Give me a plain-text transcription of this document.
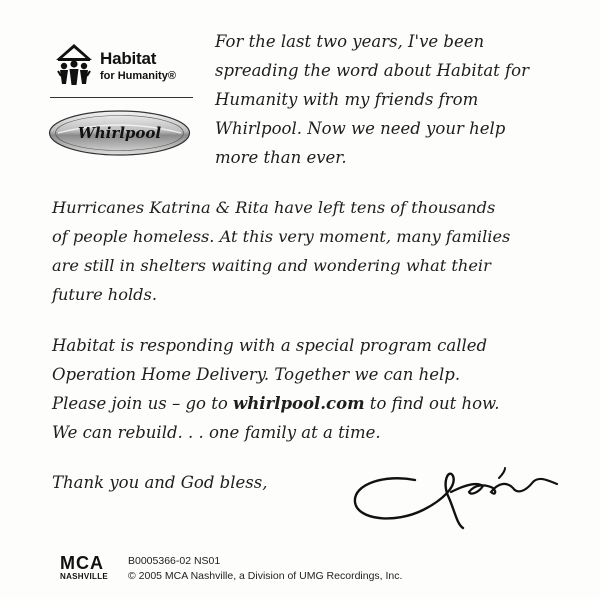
Habitat
for Humanity®
Whirlpool
For the last two years, I've been
spreading the word about Habitat for
Humanity with my friends from
Whirlpool. Now we need your help
more than ever.
Hurricanes Katrina & Rita have left tens of thousands
of people homeless. At this very moment, many families
are still in shelters waiting and wondering what their
future holds.
Habitat is responding with a special program called
Operation Home Delivery. Together we can help.
Please join us – go to whirlpool.com to find out how.
We can rebuild. . . one family at a time.
Thank you and God bless,
MCA
NASHVILLE
B0005366-02 NS01
© 2005 MCA Nashville, a Division of UMG Recordings, Inc.
